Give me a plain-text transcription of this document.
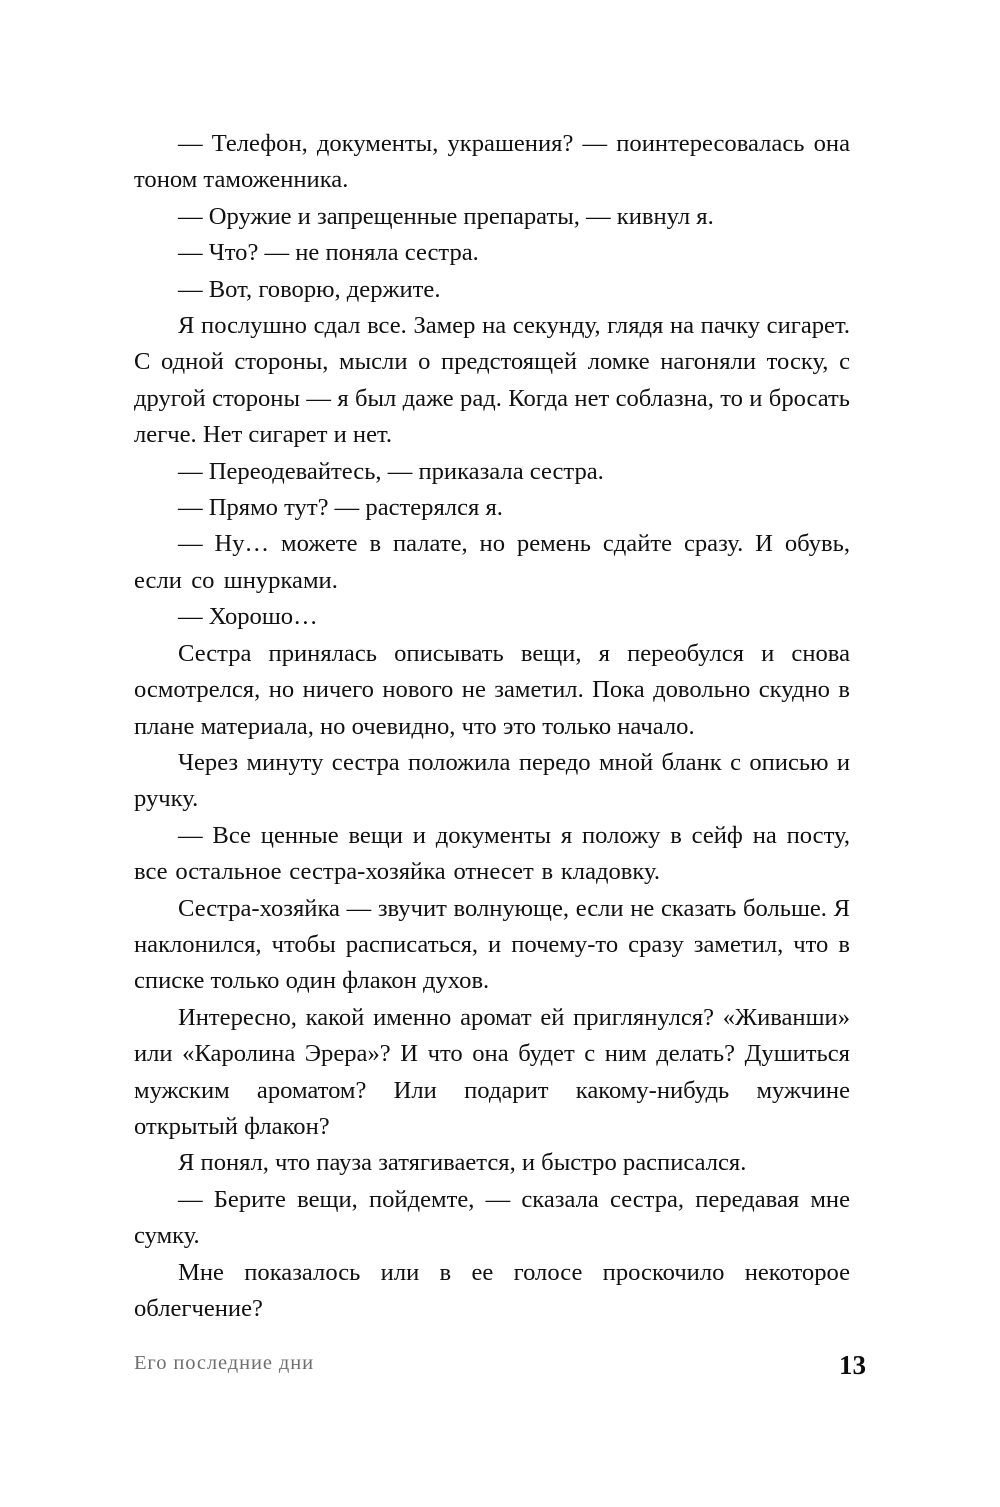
— Телефон, документы, украшения? — поинтересовалась она тоном таможенника.

— Оружие и запрещенные препараты, — кивнул я.

— Что? — не поняла сестра.

— Вот, говорю, держите.

Я послушно сдал все. Замер на секунду, глядя на пачку сигарет. С одной стороны, мысли о предстоящей ломке нагоняли тоску, с другой стороны — я был даже рад. Когда нет соблазна, то и бросать легче. Нет сигарет и нет.

— Переодевайтесь, — приказала сестра.

— Прямо тут? — растерялся я.

— Ну… можете в палате, но ремень сдайте сразу. И обувь, если со шнурками.

— Хорошо…

Сестра принялась описывать вещи, я переобулся и снова осмотрелся, но ничего нового не заметил. Пока довольно скудно в плане материала, но очевидно, что это только начало.

Через минуту сестра положила передо мной бланк с описью и ручку.

— Все ценные вещи и документы я положу в сейф на посту, все остальное сестра-хозяйка отнесет в кладовку.

Сестра-хозяйка — звучит волнующе, если не сказать больше. Я наклонился, чтобы расписаться, и почему-то сразу заметил, что в списке только один флакон духов.

Интересно, какой именно аромат ей приглянулся? «Живанши» или «Каролина Эрера»? И что она будет с ним делать? Душиться мужским ароматом? Или подарит какому-нибудь мужчине открытый флакон?

Я понял, что пауза затягивается, и быстро расписался.

— Берите вещи, пойдемте, — сказала сестра, передавая мне сумку.

Мне показалось или в ее голосе проскочило некоторое облегчение?

Его последние дни	13
